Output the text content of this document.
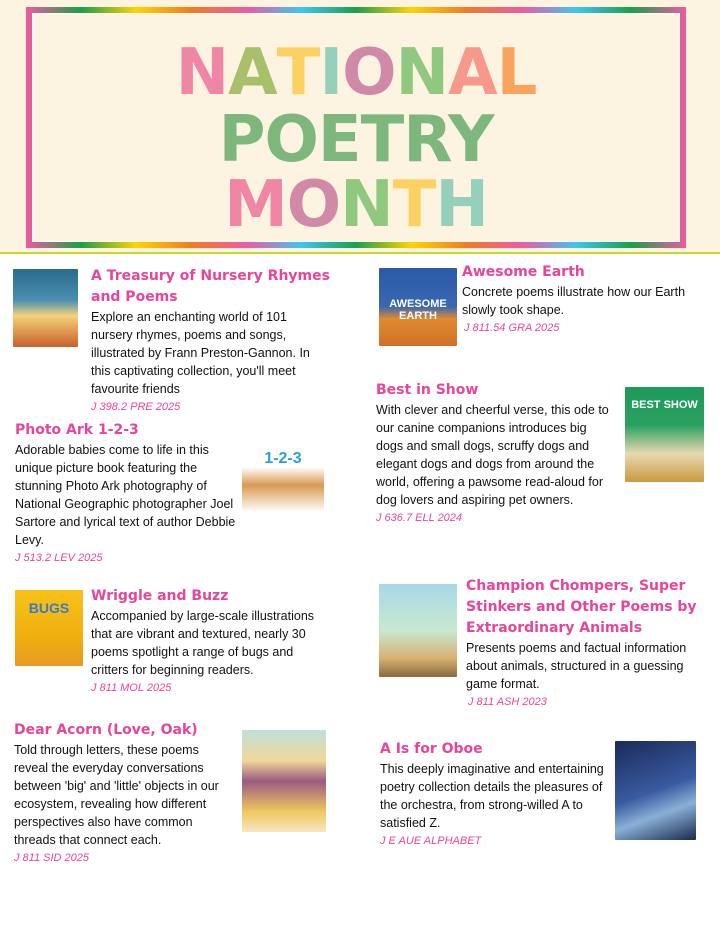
NATIONAL
POETRY
MONTH
A Treasury of Nursery Rhymes and Poems
Explore an enchanting world of 101 nursery rhymes, poems and songs, illustrated by Frann Preston-Gannon. In this captivating collection, you'll meet favourite friends
J 398.2 PRE 2025
Photo Ark 1-2-3
Adorable babies come to life in this unique picture book featuring the stunning Photo Ark photography of National Geographic photographer Joel Sartore and lyrical text of author Debbie Levy.
J 513.2 LEV 2025
1-2-3
BUGS
Wriggle and Buzz
Accompanied by large-scale illustrations that are vibrant and textured, nearly 30 poems spotlight a range of bugs and critters for beginning readers.
J 811 MOL 2025
Dear Acorn (Love, Oak)
Told through letters, these poems reveal the everyday conversations between 'big' and 'little' objects in our ecosystem, revealing how different perspectives also have common threads that connect each.
J 811 SID 2025
AWESOME EARTH
Awesome Earth
Concrete poems illustrate how our Earth slowly took shape.
J 811.54 GRA 2025
Best in Show
With clever and cheerful verse, this ode to our canine companions introduces big dogs and small dogs, scruffy dogs and elegant dogs and dogs from around the world, offering a pawsome read-aloud for dog lovers and aspiring pet owners.
J 636.7 ELL 2024
BEST SHOW
Champion Chompers, Super Stinkers and Other Poems by Extraordinary Animals
Presents poems and factual information about animals, structured in a guessing game format.
J 811 ASH 2023
A Is for Oboe
This deeply imaginative and entertaining poetry collection details the pleasures of the orchestra, from strong-willed A to satisfied Z.
J E AUE ALPHABET
